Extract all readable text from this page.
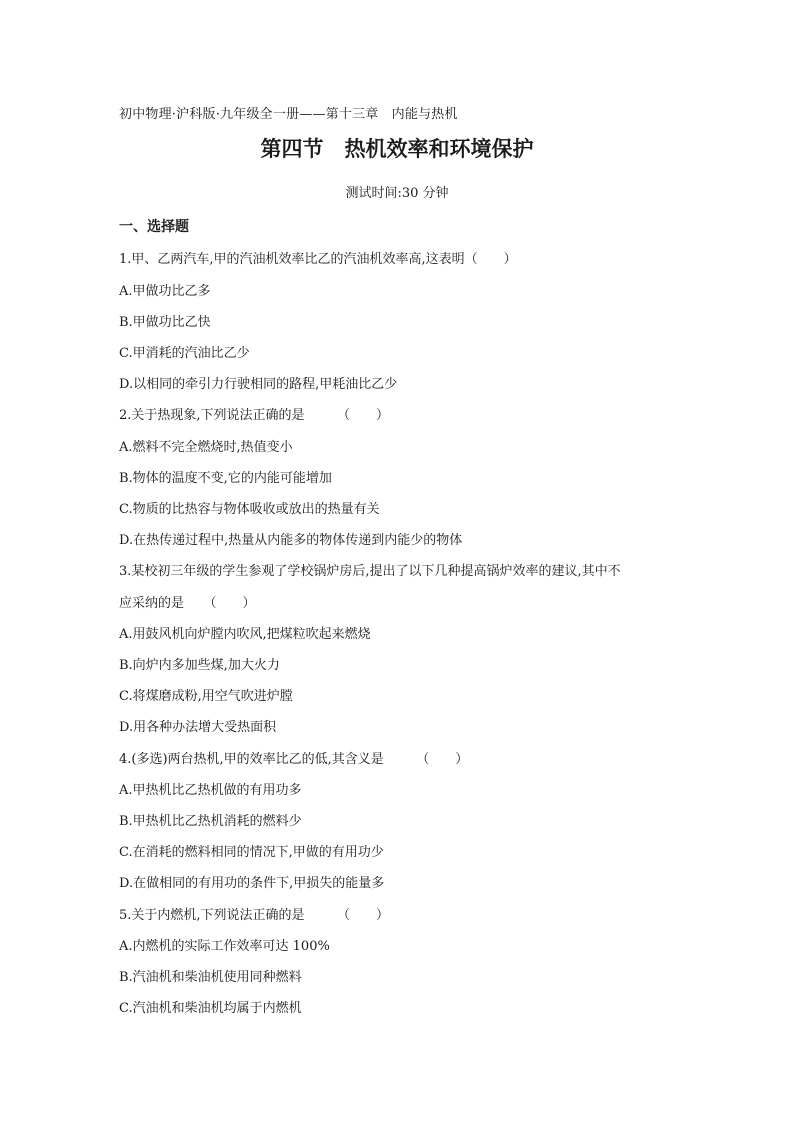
初中物理·沪科版·九年级全一册——第十三章　内能与热机
第四节　热机效率和环境保护
测试时间:30 分钟
一、选择题
1.甲、乙两汽车,甲的汽油机效率比乙的汽油机效率高,这表明（　　）
A.甲做功比乙多
B.甲做功比乙快
C.甲消耗的汽油比乙少
D.以相同的牵引力行驶相同的路程,甲耗油比乙少
2.关于热现象,下列说法正确的是　　　（　　）
A.燃料不完全燃烧时,热值变小
B.物体的温度不变,它的内能可能增加
C.物质的比热容与物体吸收或放出的热量有关
D.在热传递过程中,热量从内能多的物体传递到内能少的物体
3.某校初三年级的学生参观了学校锅炉房后,提出了以下几种提高锅炉效率的建议,其中不
应采纳的是　　（　　）
A.用鼓风机向炉膛内吹风,把煤粒吹起来燃烧
B.向炉内多加些煤,加大火力
C.将煤磨成粉,用空气吹进炉膛
D.用各种办法增大受热面积
4.(多选)两台热机,甲的效率比乙的低,其含义是　　　（　　）
A.甲热机比乙热机做的有用功多
B.甲热机比乙热机消耗的燃料少
C.在消耗的燃料相同的情况下,甲做的有用功少
D.在做相同的有用功的条件下,甲损失的能量多
5.关于内燃机,下列说法正确的是　　　（　　）
A.内燃机的实际工作效率可达 100%
B.汽油机和柴油机使用同种燃料
C.汽油机和柴油机均属于内燃机
